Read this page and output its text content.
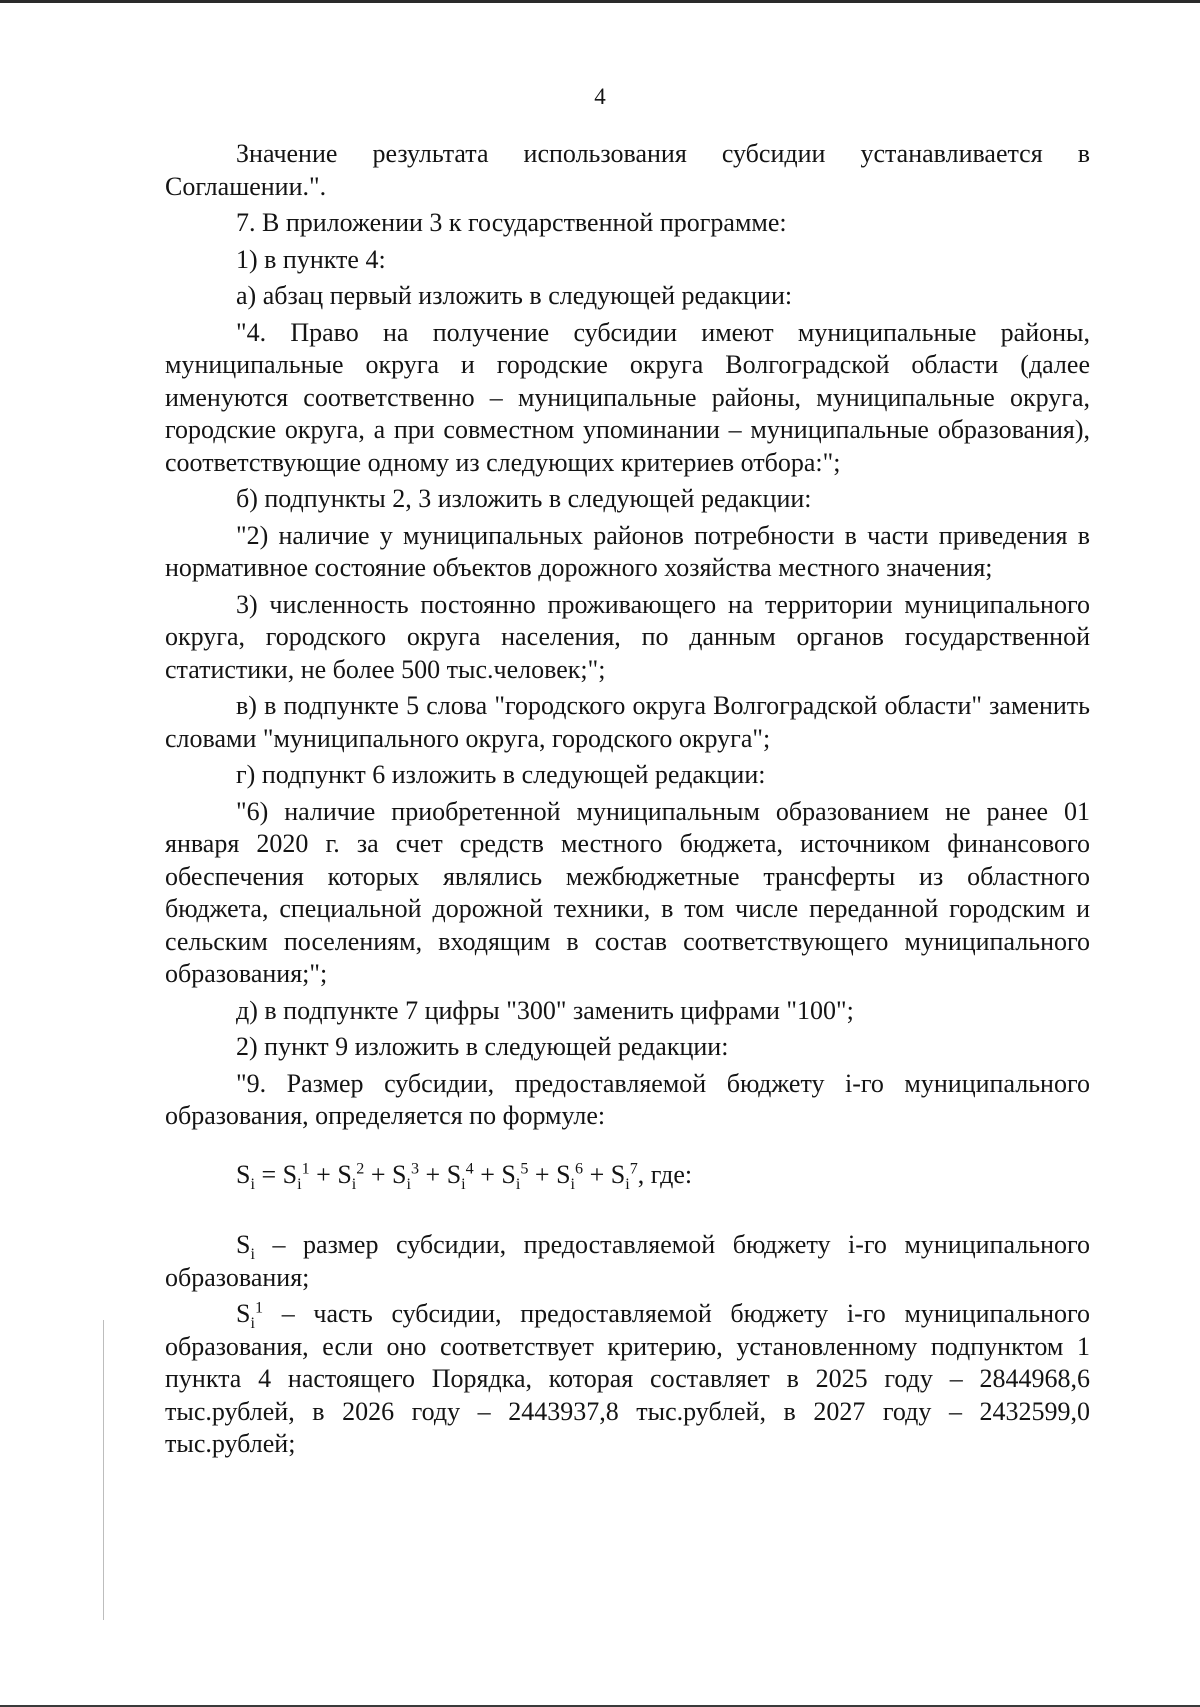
4

Значение результата использования субсидии устанавливается в Соглашении.".

7. В приложении 3 к государственной программе:

1) в пункте 4:

а) абзац первый изложить в следующей редакции:

"4. Право на получение субсидии имеют муниципальные районы, муниципальные округа и городские округа Волгоградской области (далее именуются соответственно – муниципальные районы, муниципальные округа, городские округа, а при совместном упоминании – муниципальные образования), соответствующие одному из следующих критериев отбора:";

б) подпункты 2, 3 изложить в следующей редакции:

"2) наличие у муниципальных районов потребности в части приведения в нормативное состояние объектов дорожного хозяйства местного значения;

3) численность постоянно проживающего на территории муниципального округа, городского округа населения, по данным органов государственной статистики, не более 500 тыс.человек;";

в) в подпункте 5 слова "городского округа Волгоградской области" заменить словами "муниципального округа, городского округа";

г) подпункт 6 изложить в следующей редакции:

"6) наличие приобретенной муниципальным образованием не ранее 01 января 2020 г. за счет средств местного бюджета, источником финансового обеспечения которых являлись межбюджетные трансферты из областного бюджета, специальной дорожной техники, в том числе переданной городским и сельским поселениям, входящим в состав соответствующего муниципального образования;";

д) в подпункте 7 цифры "300" заменить цифрами "100";

2) пункт 9 изложить в следующей редакции:

"9. Размер субсидии, предоставляемой бюджету i-го муниципального образования, определяется по формуле:

$S_i = S_i^1 + S_i^2 + S_i^3 + S_i^4 + S_i^5 + S_i^6 + S_i^7$, где:

$S_i$ – размер субсидии, предоставляемой бюджету i-го муниципального образования;

$S_i^1$ – часть субсидии, предоставляемой бюджету i-го муниципального образования, если оно соответствует критерию, установленному подпунктом 1 пункта 4 настоящего Порядка, которая составляет в 2025 году – 2844968,6 тыс.рублей, в 2026 году – 2443937,8 тыс.рублей, в 2027 году – 2432599,0 тыс.рублей;
